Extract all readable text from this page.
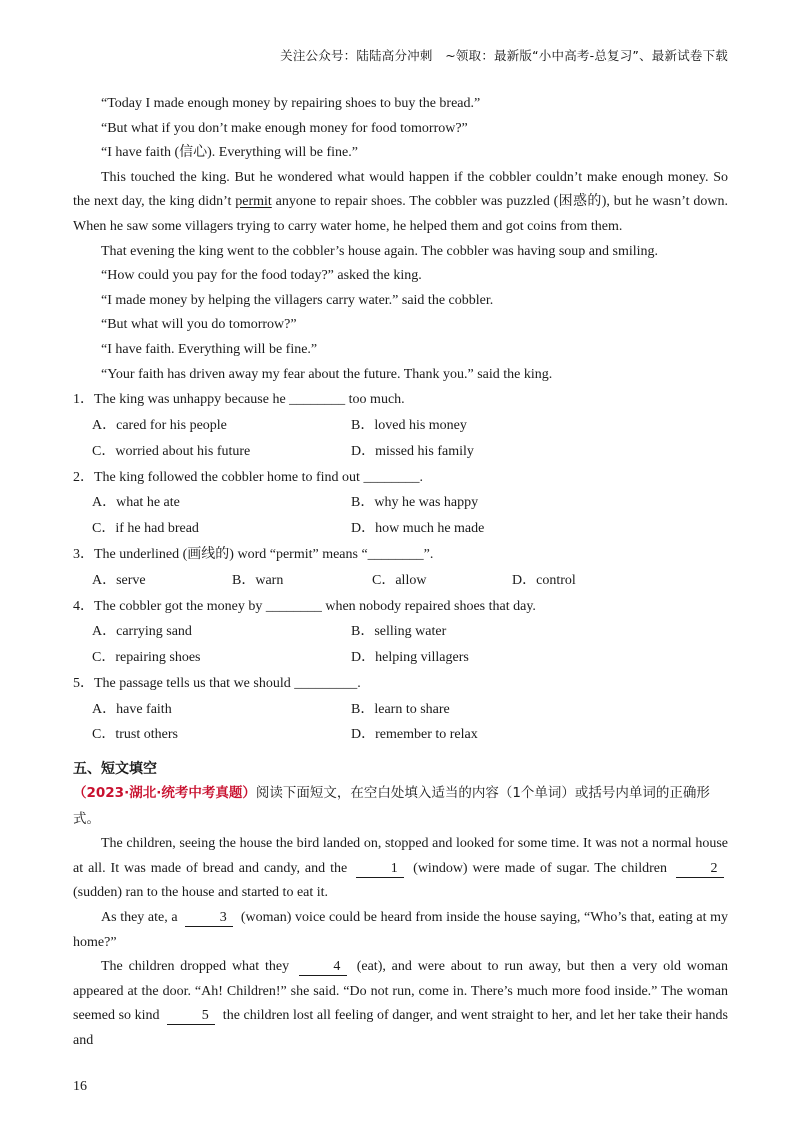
关注公众号：陆陆高分冲刺　~领取：最新版“小中高考-总复习”、最新试卷下载

“Today I made enough money by repairing shoes to buy the bread.”

“But what if you don’t make enough money for food tomorrow?”

“I have faith (信心). Everything will be fine.”

This touched the king. But he wondered what would happen if the cobbler couldn’t make enough money. So the next day, the king didn’t permit anyone to repair shoes. The cobbler was puzzled (困惑的), but he wasn’t down. When he saw some villagers trying to carry water home, he helped them and got coins from them.

That evening the king went to the cobbler’s house again. The cobbler was having soup and smiling.

“How could you pay for the food today?” asked the king.

“I made money by helping the villagers carry water.” said the cobbler.

“But what will you do tomorrow?”

“I have faith. Everything will be fine.”

“Your faith has driven away my fear about the future. Thank you.” said the king.

1．The king was unhappy because he ________ too much.

A．cared for his people	B．loved his money
C．worried about his future	D．missed his family

2．The king followed the cobbler home to find out ________.

A．what he ate	B．why he was happy
C．if he had bread	D．how much he made

3．The underlined (画线的) word “permit” means “________”.

A．serve	B．warn	C．allow	D．control

4．The cobbler got the money by ________ when nobody repaired shoes that day.

A．carrying sand	B．selling water
C．repairing shoes	D．helping villagers

5．The passage tells us that we should _________.

A．have faith	B．learn to share
C．trust others	D．remember to relax

五、短文填空

（2023·湖北·统考中考真题）阅读下面短文，在空白处填入适当的内容（1个单词）或括号内单词的正确形式。

The children, seeing the house the bird landed on, stopped and looked for some time. It was not a normal house at all. It was made of bread and candy, and the	1 (window) were made of sugar. The children	2 (sudden) ran to the house and started to eat it.

As they ate, a	3 (woman) voice could be heard from inside the house saying, “Who’s that, eating at my home?”

The children dropped what they	4 (eat), and were about to run away, but then a very old woman appeared at the door. “Ah! Children!” she said. “Do not run, come in. There’s much more food inside.” The woman seemed so kind	5 the children lost all feeling of danger, and went straight to her, and let her take their hands and

16
